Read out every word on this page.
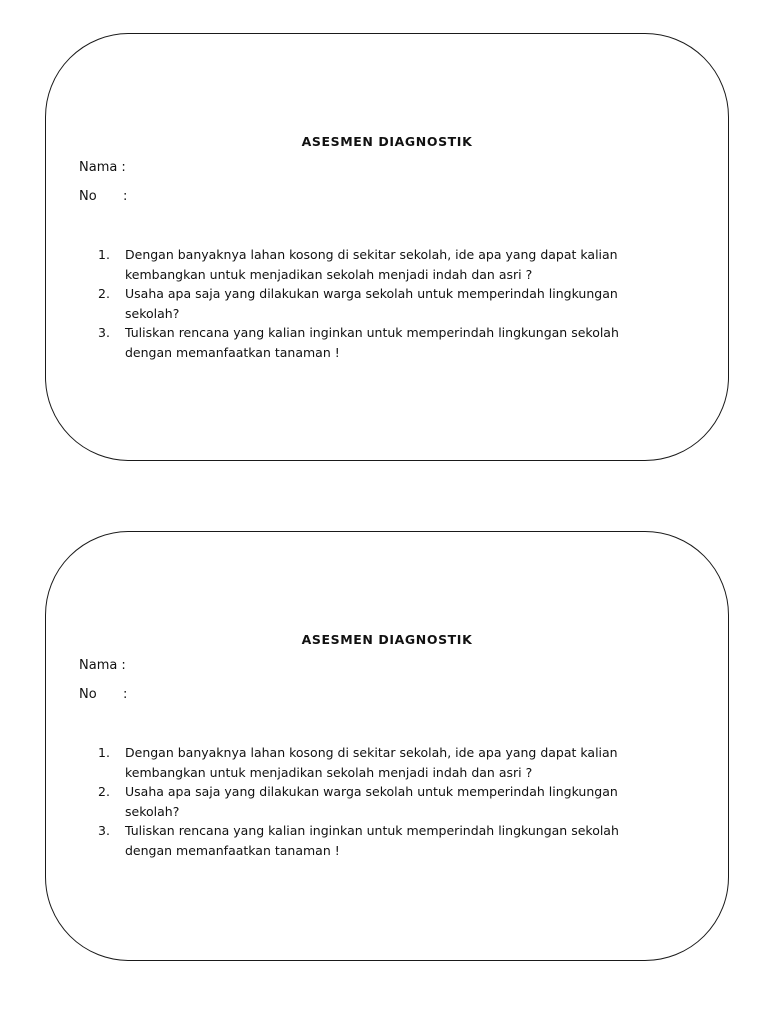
ASESMEN DIAGNOSTIK
Nama :
No :
1. Dengan banyaknya lahan kosong di sekitar sekolah, ide apa yang dapat kalian kembangkan untuk menjadikan sekolah menjadi indah dan asri ?
2. Usaha apa saja yang dilakukan warga sekolah untuk memperindah lingkungan sekolah?
3. Tuliskan rencana yang kalian inginkan untuk memperindah lingkungan sekolah dengan memanfaatkan tanaman !
ASESMEN DIAGNOSTIK
Nama :
No :
1. Dengan banyaknya lahan kosong di sekitar sekolah, ide apa yang dapat kalian kembangkan untuk menjadikan sekolah menjadi indah dan asri ?
2. Usaha apa saja yang dilakukan warga sekolah untuk memperindah lingkungan sekolah?
3. Tuliskan rencana yang kalian inginkan untuk memperindah lingkungan sekolah dengan memanfaatkan tanaman !
